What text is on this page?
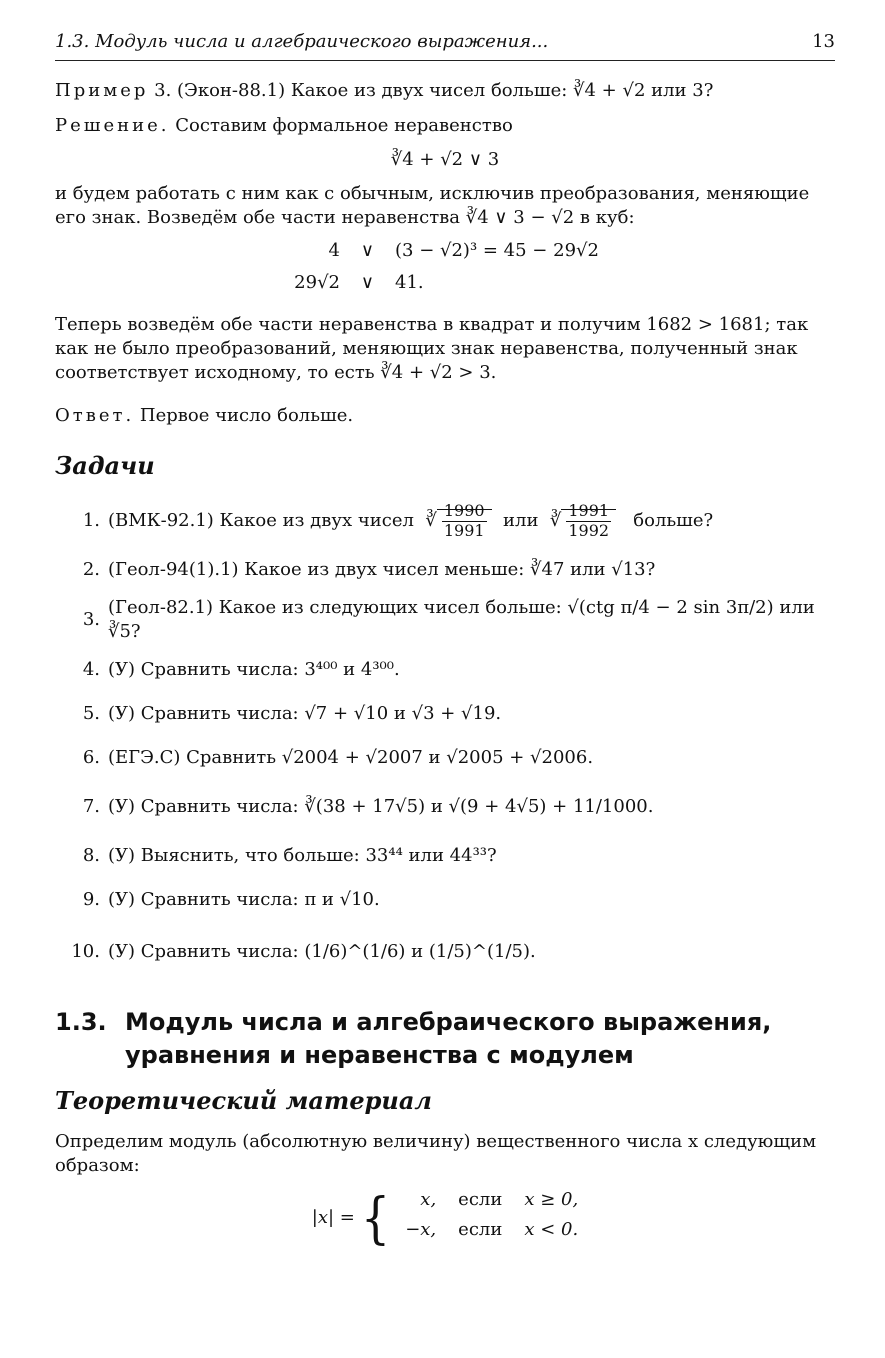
1.3. Модуль числа и алгебраического выражения...	13
Пример 3. (Экон-88.1) Какое из двух чисел больше: ∛4 + √2 или 3?
Решение. Составим формальное неравенство
∛4 + √2 ∨ 3
и будем работать с ним как с обычным, исключив преобразования, меняющие его знак. Возведём обе части неравенства ∛4 ∨ 3 − √2 в куб:
4	∨	(3 − √2)³ = 45 − 29√2
29√2	∨	41.
Теперь возведём обе части неравенства в квадрат и получим 1682 > 1681; так как не было преобразований, меняющих знак неравенства, полученный знак соответствует исходному, то есть ∛4 + √2 > 3.
Ответ. Первое число больше.
Задачи
1. (ВМК-92.1) Какое из двух чисел  ∛ $\frac{1990}{1991}$ или  ∛ $\frac{1991}{1992}$ больше?
2. (Геол-94(1).1) Какое из двух чисел меньше: ∛47 или √13?
3.
(Геол-82.1) Какое из следующих чисел больше: √(ctg π/4 − 2 sin 3π/2) или ∛5?
4. (У) Сравнить числа: 3⁴⁰⁰ и 4³⁰⁰.
5. (У) Сравнить числа: √7 + √10 и √3 + √19.
6. (ЕГЭ.С) Сравнить √2004 + √2007 и √2005 + √2006.
7. (У) Сравнить числа: ∛(38 + 17√5) и √(9 + 4√5) + 11/1000.
8. (У) Выяснить, что больше: 33⁴⁴ или 44³³?
9. (У) Сравнить числа: π и √10.
10. (У) Сравнить числа: (1/6)^(1/6) и (1/5)^(1/5).
1.3. Модуль числа и алгебраического выражения, уравнения и неравенства с модулем
Теоретический материал
Определим модуль (абсолютную величину) вещественного числа x следующим образом:
|x| = {	x, если x ≥ 0,
−x, если x < 0.
